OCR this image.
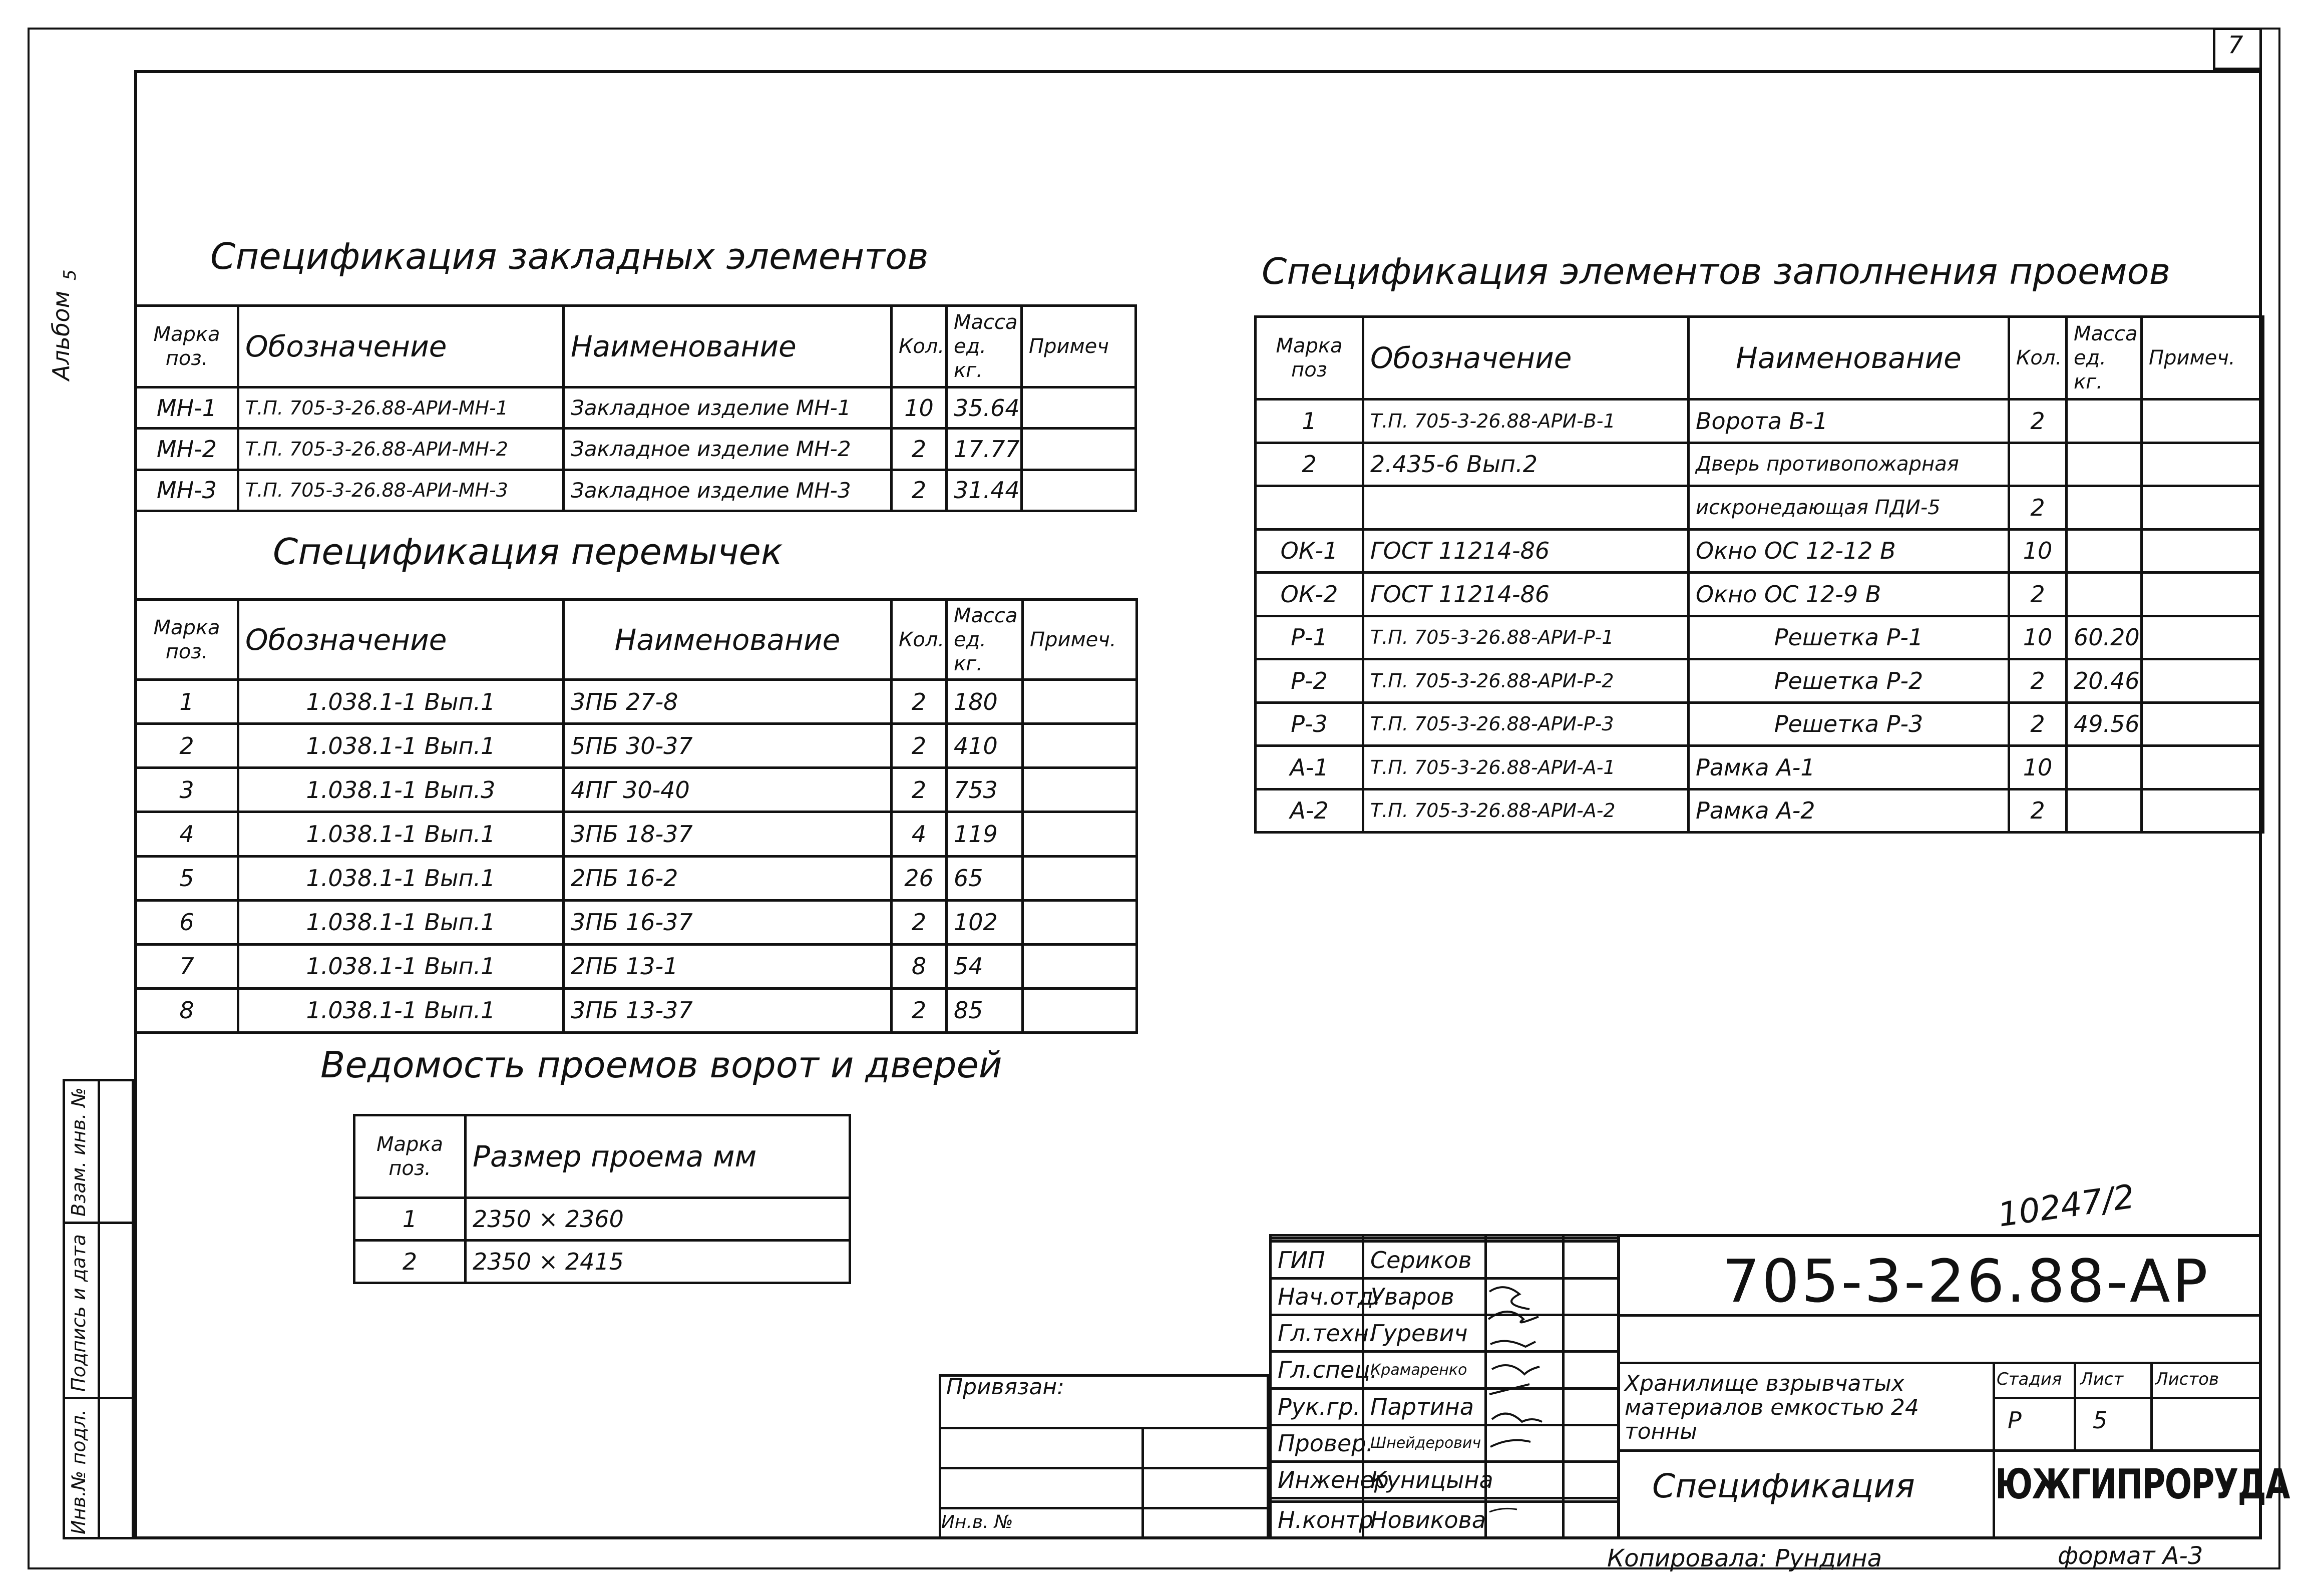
7
Альбом
5
Инв.№ подл.
Подпись и дата
Взам. инв. №
Спецификация закладных элементов
Марка поз.	Обозначение	Наименование	Кол.	Масса ед. кг.	Примеч
МН-1	Т.П. 705-3-26.88-АРИ-МН-1	Закладное изделие МН-1	10	35.64	
МН-2	Т.П. 705-3-26.88-АРИ-МН-2	Закладное изделие МН-2	2	17.77	
МН-3	Т.П. 705-3-26.88-АРИ-МН-3	Закладное изделие МН-3	2	31.44	
Спецификация перемычек
Марка поз.	Обозначение	Наименование	Кол.	Масса ед. кг.	Примеч.
1	1.038.1-1 Вып.1	3ПБ 27-8	2	180	
2	1.038.1-1 Вып.1	5ПБ 30-37	2	410	
3	1.038.1-1 Вып.3	4ПГ 30-40	2	753	
4	1.038.1-1 Вып.1	3ПБ 18-37	4	119	
5	1.038.1-1 Вып.1	2ПБ 16-2	26	65	
6	1.038.1-1 Вып.1	3ПБ 16-37	2	102	
7	1.038.1-1 Вып.1	2ПБ 13-1	8	54	
8	1.038.1-1 Вып.1	3ПБ 13-37	2	85	
Ведомость проемов ворот и дверей
Марка поз.	Размер проема мм
1	2350 × 2360
2	2350 × 2415
Спецификация элементов заполнения проемов
Марка поз	Обозначение	Наименование	Кол.	Масса ед. кг.	Примеч.
1	Т.П. 705-3-26.88-АРИ-В-1	Ворота В-1	2		
2	2.435-6 Вып.2	Дверь противопожарная			
		искронедающая ПДИ-5	2		
ОК-1	ГОСТ 11214-86	Окно ОС 12-12 В	10		
ОК-2	ГОСТ 11214-86	Окно ОС 12-9 В	2		
Р-1	Т.П. 705-3-26.88-АРИ-Р-1	Решетка Р-1	10	60.20	
Р-2	Т.П. 705-3-26.88-АРИ-Р-2	Решетка Р-2	2	20.46	
Р-3	Т.П. 705-3-26.88-АРИ-Р-3	Решетка Р-3	2	49.56	
А-1	Т.П. 705-3-26.88-АРИ-А-1	Рамка А-1	10		
А-2	Т.П. 705-3-26.88-АРИ-А-2	Рамка А-2	2		
10247/2
Привязан:
Ин.в. №

ГИП	Сериков		
Нач.отд.	Уваров		
Гл.техн.	Гуревич		
Гл.спец.	Крамаренко		
Рук.гр.	Партина		
Провер.	Шнейдерович		
Инженер	Куницына		

Н.контр	Новикова		
705-3-26.88-АР
Хранилище взрывчатых материалов емкостью 24 тонны
Спецификация
Стадия Лист Листов
Р	5
ЮЖГИПРОРУДА
Копировала: Рундина	формат А-3
